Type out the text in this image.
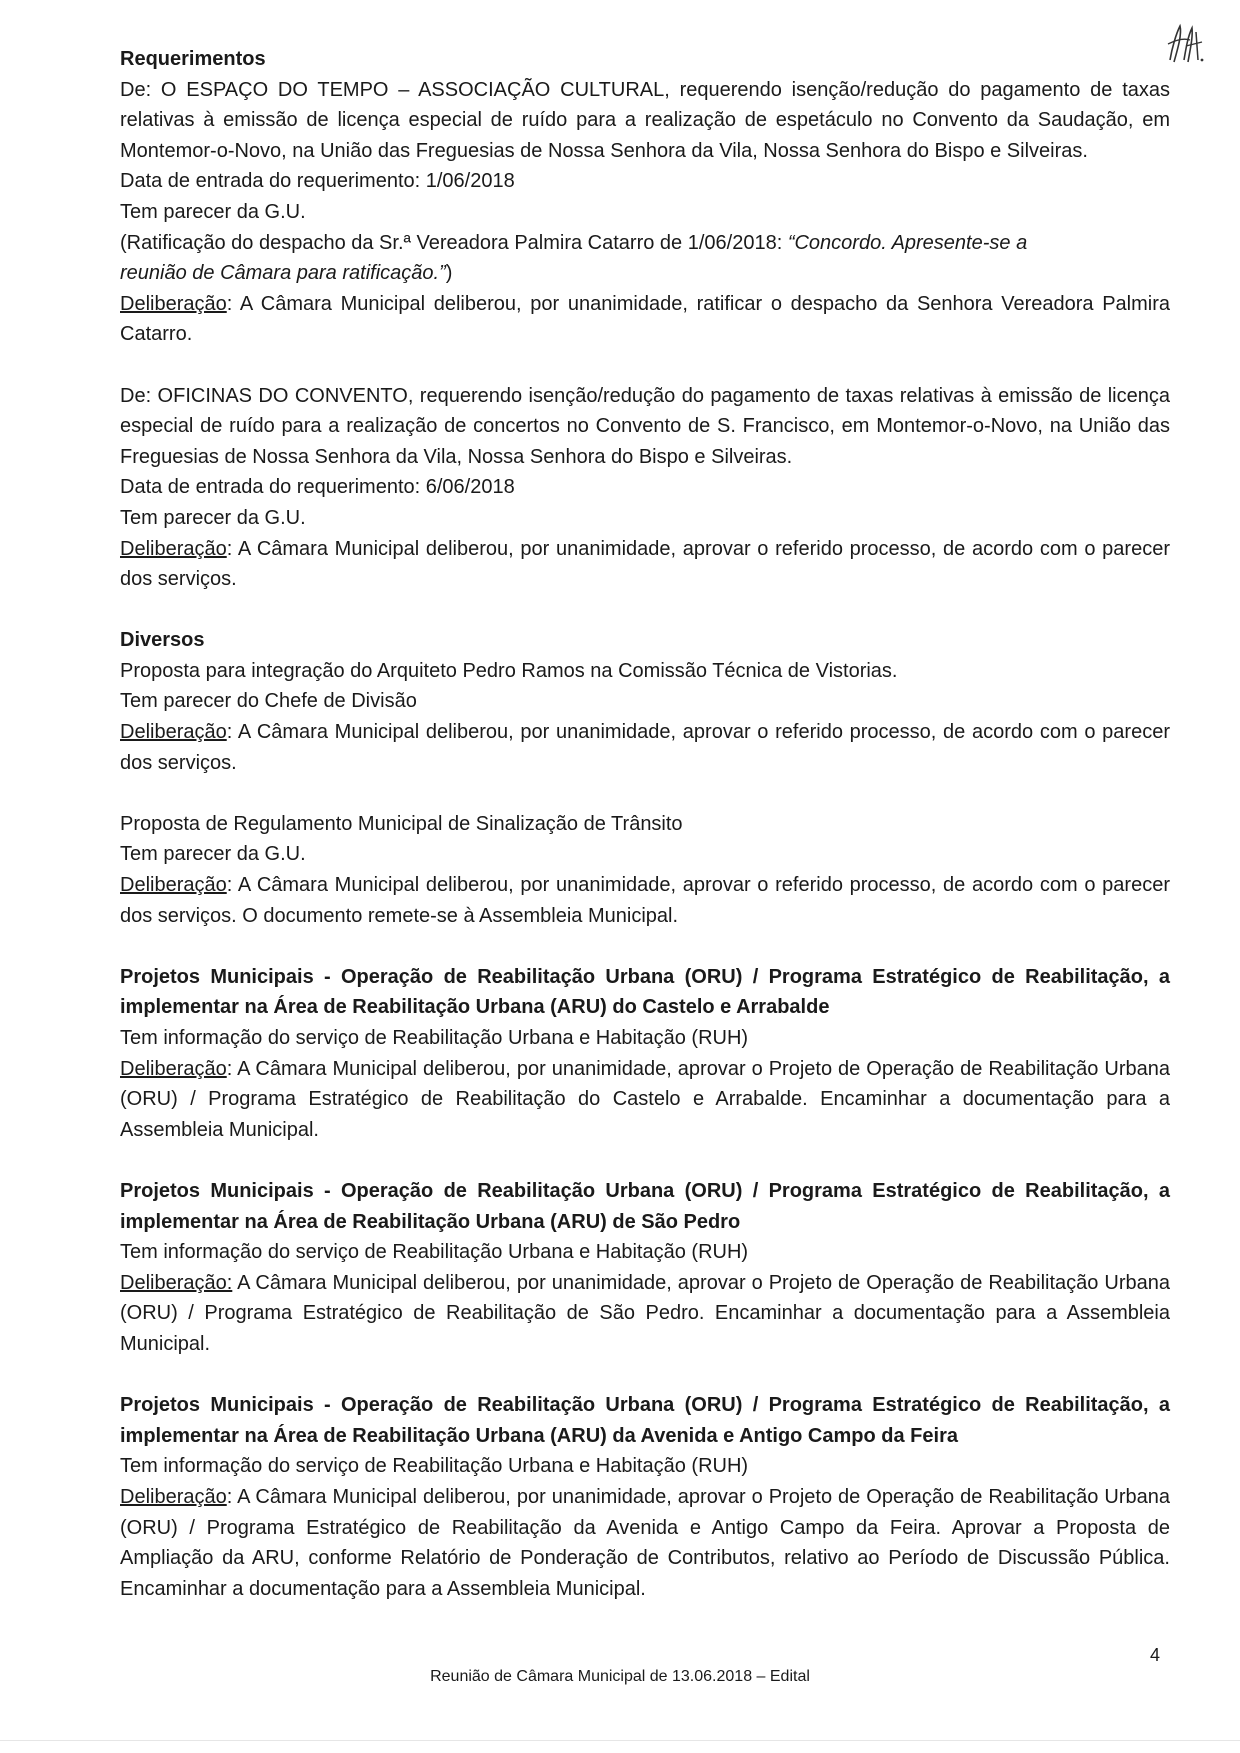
Requerimentos

De: O ESPAÇO DO TEMPO – ASSOCIAÇÃO CULTURAL, requerendo isenção/redução do pagamento de taxas relativas à emissão de licença especial de ruído para a realização de espetáculo no Convento da Saudação, em Montemor-o-Novo, na União das Freguesias de Nossa Senhora da Vila, Nossa Senhora do Bispo e Silveiras.

Data de entrada do requerimento: 1/06/2018

Tem parecer da G.U.

(Ratificação do despacho da Sr.ª Vereadora Palmira Catarro de 1/06/2018: “Concordo. Apresente-se a reunião de Câmara para ratificação.”)

Deliberação: A Câmara Municipal deliberou, por unanimidade, ratificar o despacho da Senhora Vereadora Palmira Catarro.

De: OFICINAS DO CONVENTO, requerendo isenção/redução do pagamento de taxas relativas à emissão de licença especial de ruído para a realização de concertos no Convento de S. Francisco, em Montemor-o-Novo, na União das Freguesias de Nossa Senhora da Vila, Nossa Senhora do Bispo e Silveiras.

Data de entrada do requerimento: 6/06/2018

Tem parecer da G.U.

Deliberação: A Câmara Municipal deliberou, por unanimidade, aprovar o referido processo, de acordo com o parecer dos serviços.

Diversos

Proposta para integração do Arquiteto Pedro Ramos na Comissão Técnica de Vistorias.

Tem parecer do Chefe de Divisão

Deliberação: A Câmara Municipal deliberou, por unanimidade, aprovar o referido processo, de acordo com o parecer dos serviços.

Proposta de Regulamento Municipal de Sinalização de Trânsito

Tem parecer da G.U.

Deliberação: A Câmara Municipal deliberou, por unanimidade, aprovar o referido processo, de acordo com o parecer dos serviços. O documento remete-se à Assembleia Municipal.

Projetos Municipais - Operação de Reabilitação Urbana (ORU) / Programa Estratégico de Reabilitação, a implementar na Área de Reabilitação Urbana (ARU) do Castelo e Arrabalde

Tem informação do serviço de Reabilitação Urbana e Habitação (RUH)

Deliberação: A Câmara Municipal deliberou, por unanimidade, aprovar o Projeto de Operação de Reabilitação Urbana (ORU) / Programa Estratégico de Reabilitação do Castelo e Arrabalde. Encaminhar a documentação para a Assembleia Municipal.

Projetos Municipais - Operação de Reabilitação Urbana (ORU) / Programa Estratégico de Reabilitação, a implementar na Área de Reabilitação Urbana (ARU) de São Pedro

Tem informação do serviço de Reabilitação Urbana e Habitação (RUH)

Deliberação: A Câmara Municipal deliberou, por unanimidade, aprovar o Projeto de Operação de Reabilitação Urbana (ORU) / Programa Estratégico de Reabilitação de São Pedro. Encaminhar a documentação para a Assembleia Municipal.

Projetos Municipais - Operação de Reabilitação Urbana (ORU) / Programa Estratégico de Reabilitação, a implementar na Área de Reabilitação Urbana (ARU) da Avenida e Antigo Campo da Feira

Tem informação do serviço de Reabilitação Urbana e Habitação (RUH)

Deliberação: A Câmara Municipal deliberou, por unanimidade, aprovar o Projeto de Operação de Reabilitação Urbana (ORU) / Programa Estratégico de Reabilitação da Avenida e Antigo Campo da Feira. Aprovar a Proposta de Ampliação da ARU, conforme Relatório de Ponderação de Contributos, relativo ao Período de Discussão Pública. Encaminhar a documentação para a Assembleia Municipal.

4
Reunião de Câmara Municipal de 13.06.2018 – Edital
